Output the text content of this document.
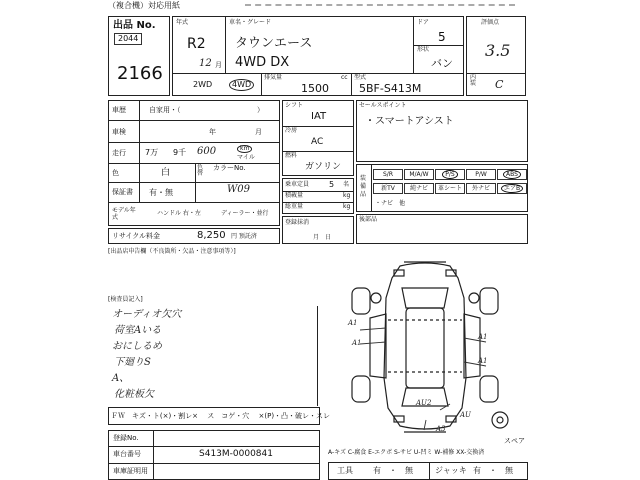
（複合機）対応用紙
出品 No.
2044
2166
年式
R2
12 月
車名・グレード
タウンエース
4WD DX
ドア
5
形状
バン
2WD	4WD
排気量	cc
1500
型式
5BF-S413M
評価点
3.5
内装 C
車歴	自家用・（	）
車検	年	月
走行 7万 9千 600	km
マイル
色	白
色替
カラーNo.
保証書 有・無	W09
モデル年式
ハンドル 右・左	ディーラー・並行
リサイクル料金	8,250 円 預託済
[出品店申告欄（不良箇所・欠品・注意事項等）]
シフト
IAT
冷房
AC
燃料
ガソリン
乗車定員 5 名
積載量	kg
総重量	kg
登録抹消
月　日
セールスポイント
・スマートアシスト
装備品
S/R	M/A/W	P/S	P/W	ABS
新TV	純ナビ	革シート	外ナビ	エアB
・ナビ　他
後部品
[検査員記入]
オーディオ欠穴
荷室Aいる
おにしるめ
下廻りS
A、
化粧板欠
ＦＷ　キズ・ト(×)・割レ×　 ス　コゲ・穴　 ×(P)・凸・破レ・スレ
A1
A1
A1
A1
AU2
A3
AU
スペア
A-キズ C-腐食 E-エクボ S-サビ U-凹ミ W-補修 XX-交換済
登録No.
車台番号	S413M-0000841
車庫証明用	工具	有　・　無	ジャッキ 有　・　無
